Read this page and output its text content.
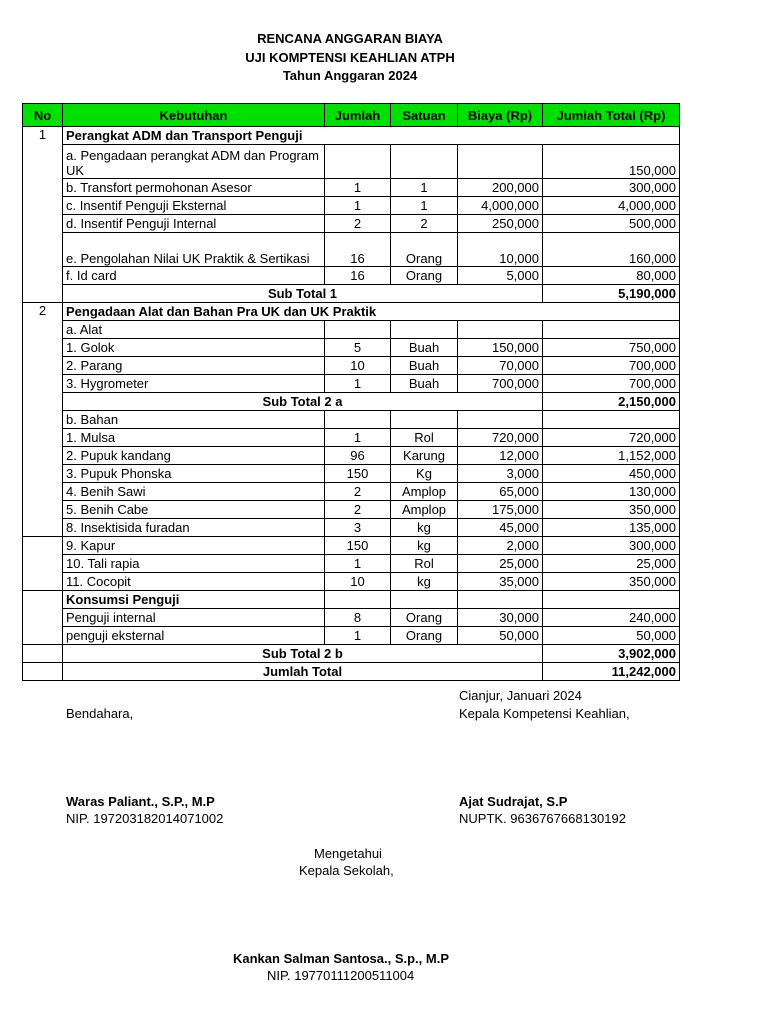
RENCANA ANGGARAN BIAYA
UJI KOMPTENSI KEAHLIAN ATPH
Tahun Anggaran 2024
No	Kebutuhan	Jumlah	Satuan	Biaya (Rp)	Jumlah Total (Rp)
1	Perangkat ADM dan Transport Penguji				
	a. Pengadaan perangkat ADM dan Program UK				150,000
	b. Transfort permohonan Asesor	1	1	200,000	300,000
	c. Insentif Penguji Eksternal	1	1	4,000,000	4,000,000
	d. Insentif Penguji Internal	2	2	250,000	500,000
	e. Pengolahan Nilai UK Praktik & Sertikasi	16	Orang	10,000	160,000
	f. Id card	16	Orang	5,000	80,000
	Sub Total 1				5,190,000
2	Pengadaan Alat dan Bahan Pra UK dan UK Praktik				
	a. Alat				
	1. Golok	5	Buah	150,000	750,000
	2. Parang	10	Buah	70,000	700,000
	3. Hygrometer	1	Buah	700,000	700,000
	Sub Total 2 a				2,150,000
	b. Bahan				
	1. Mulsa	1	Rol	720,000	720,000
	2. Pupuk kandang	96	Karung	12,000	1,152,000
	3. Pupuk Phonska	150	Kg	3,000	450,000
	4. Benih Sawi	2	Amplop	65,000	130,000
	5. Benih Cabe	2	Amplop	175,000	350,000
	8. Insektisida furadan	3	kg	45,000	135,000
	9. Kapur	150	kg	2,000	300,000
	10. Tali rapia	1	Rol	25,000	25,000
	11. Cocopit	10	kg	35,000	350,000
	Konsumsi Penguji				
	Penguji internal	8	Orang	30,000	240,000
	penguji eksternal	1	Orang	50,000	50,000
	Sub Total 2 b				3,902,000
	Jumlah Total				11,242,000
Cianjur, Januari 2024
Bendahara,	Kepala Kompetensi Keahlian,
Waras Paliant., S.P., M.P
NIP. 197203182014071002
Ajat Sudrajat, S.P
NUPTK. 9636767668130192
Mengetahui
Kepala Sekolah,
Kankan Salman Santosa., S.p., M.P
NIP. 19770111200511004
